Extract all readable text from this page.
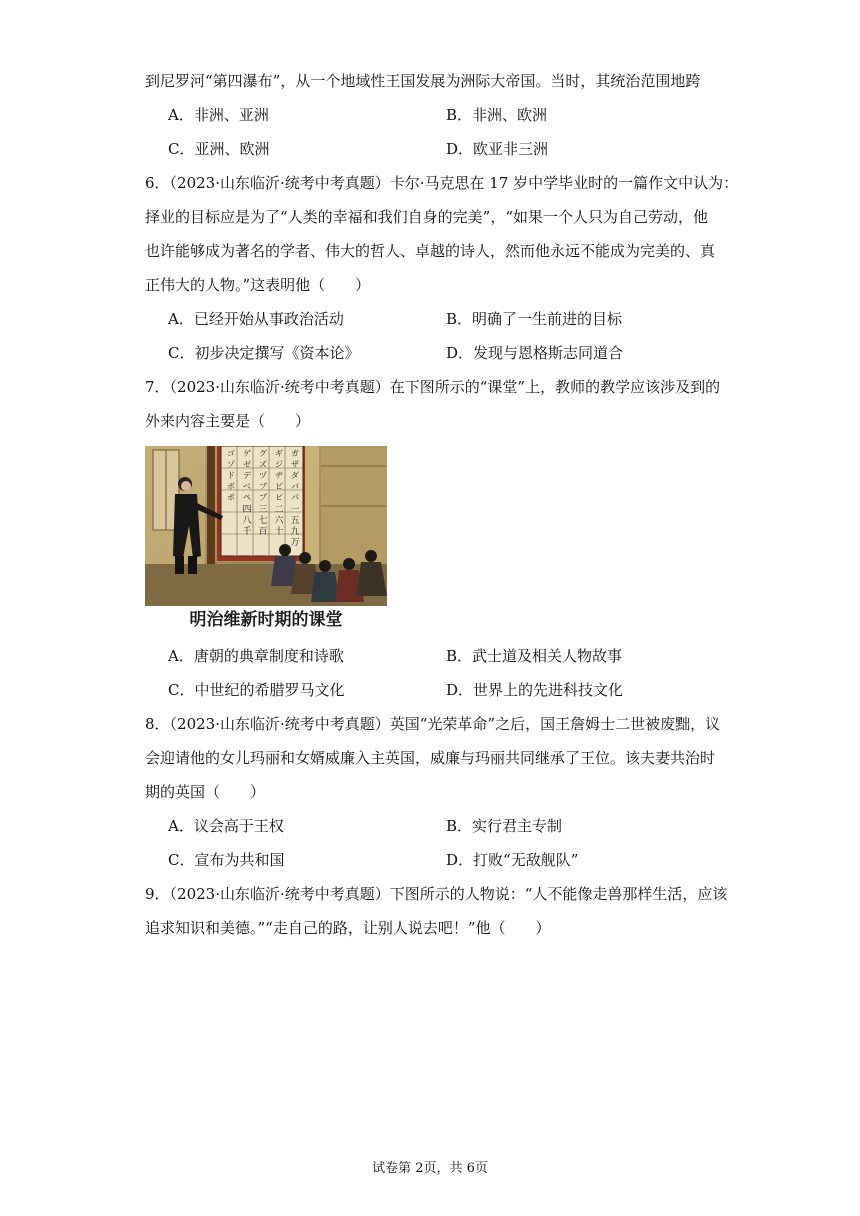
到尼罗河“第四瀑布”，从一个地域性王国发展为洲际大帝国。当时，其统治范围地跨
A．非洲、亚洲	B．非洲、欧洲
C．亚洲、欧洲	D．欧亚非三洲
6．（2023·山东临沂·统考中考真题）卡尔·马克思在 17 岁中学毕业时的一篇作文中认为：
择业的目标应是为了“人类的幸福和我们自身的完美”，“如果一个人只为自己劳动，他
也许能够成为著名的学者、伟大的哲人、卓越的诗人，然而他永远不能成为完美的、真
正伟大的人物。”这表明他（　　）
A．已经开始从事政治活动	B．明确了一生前进的目标
C．初步决定撰写《资本论》	D．发现与恩格斯志同道合
7．（2023·山东临沂·统考中考真题）在下图所示的“课堂”上，教师的教学应该涉及到的
外来内容主要是（　　）
ガ
ザ
ダ
バ
パ
ギ
ジ
ヂ
ビ
ピ
グ
ズ
ヅ
ブ
プ
ゲ
ゼ
デ
ベ
ペ
ゴ
ゾ
ド
ボ
ポ
一
二
三
四
五
六
七
八
九
十
百
千
万
明治维新时期的课堂
A．唐朝的典章制度和诗歌	B．武士道及相关人物故事
C．中世纪的希腊罗马文化	D．世界上的先进科技文化
8．（2023·山东临沂·统考中考真题）英国“光荣革命”之后，国王詹姆士二世被废黜，议
会迎请他的女儿玛丽和女婿威廉入主英国，威廉与玛丽共同继承了王位。该夫妻共治时
期的英国（　　）
A．议会高于王权	B．实行君主专制
C．宣布为共和国	D．打败“无敌舰队”
9．（2023·山东临沂·统考中考真题）下图所示的人物说：“人不能像走兽那样生活，应该
追求知识和美德。”“走自己的路，让别人说去吧！”他（　　）
试卷第 2页，共 6页
